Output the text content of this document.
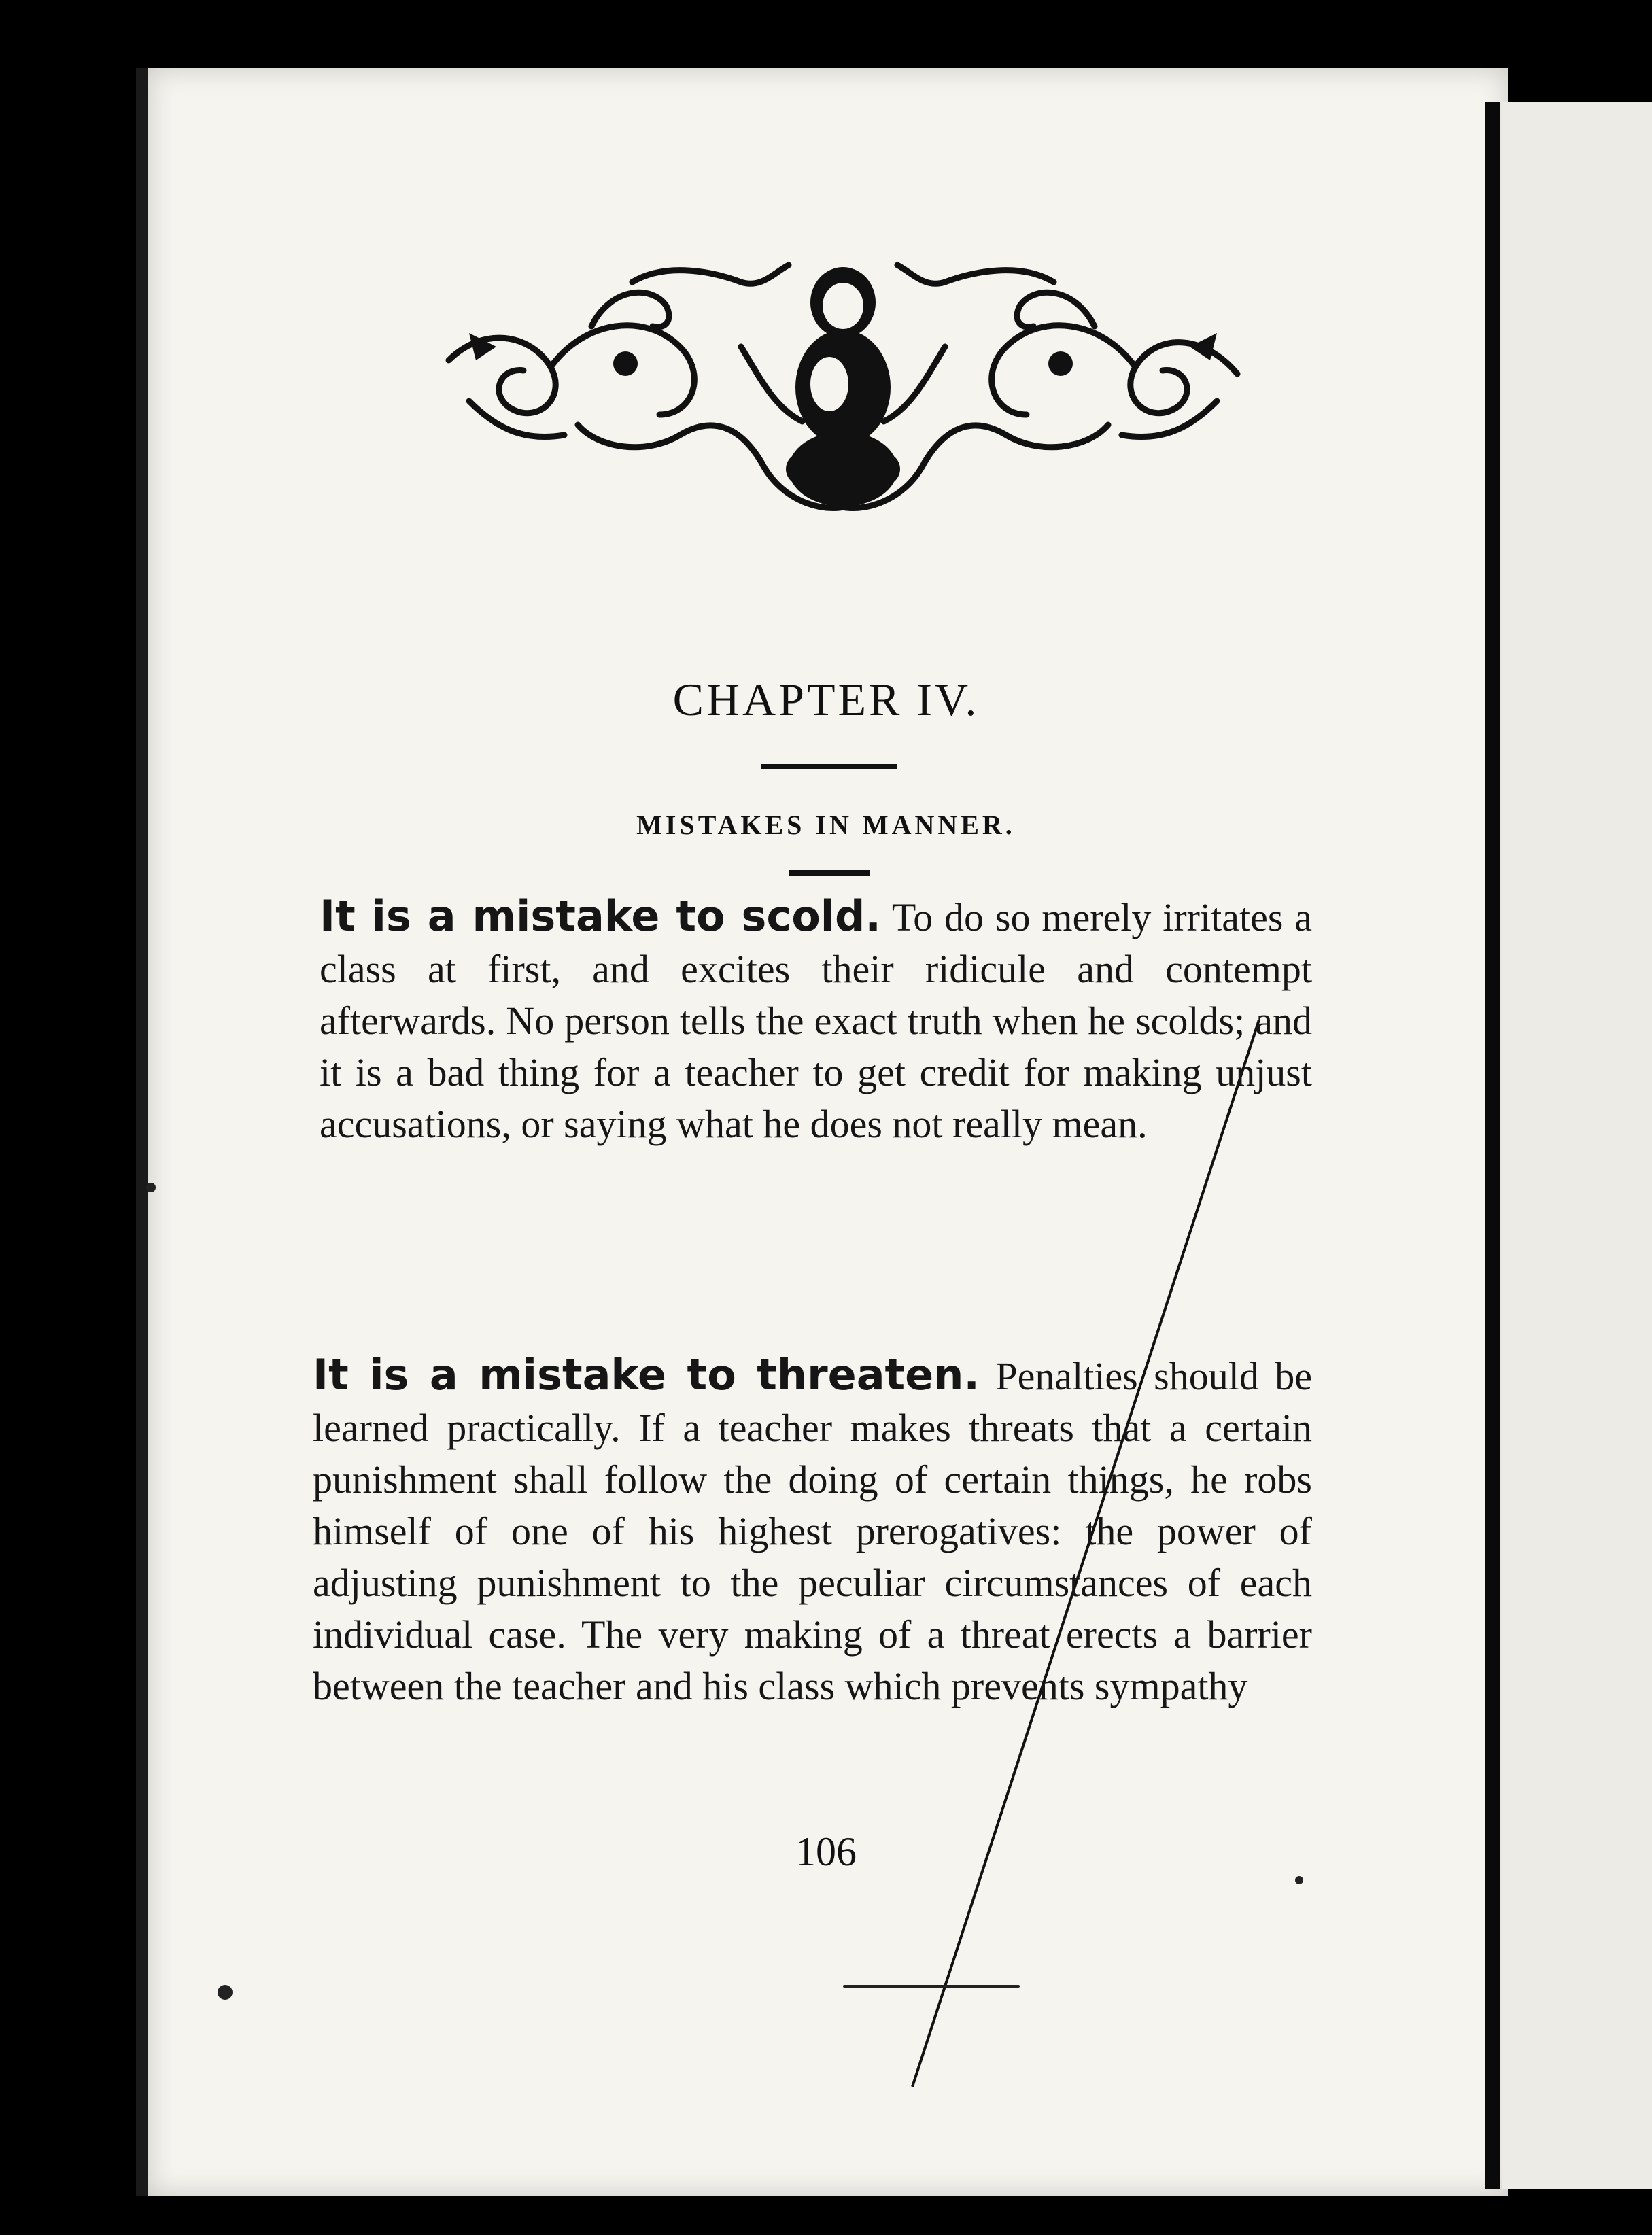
CHAPTER IV.
MISTAKES IN MANNER.
It is a mistake to scold. To do so merely irritates a class at first, and excites their ridicule and contempt afterwards. No person tells the exact truth when he scolds; and it is a bad thing for a teacher to get credit for making unjust accusations, or saying what he does not really mean.
It is a mistake to threaten. Penalties should be learned practically. If a teacher makes threats that a certain punishment shall follow the doing of certain things, he robs himself of one of his highest prerogatives: the power of adjusting punishment to the peculiar circumstances of each individual case. The very making of a threat erects a barrier between the teacher and his class which prevents sympathy
106
